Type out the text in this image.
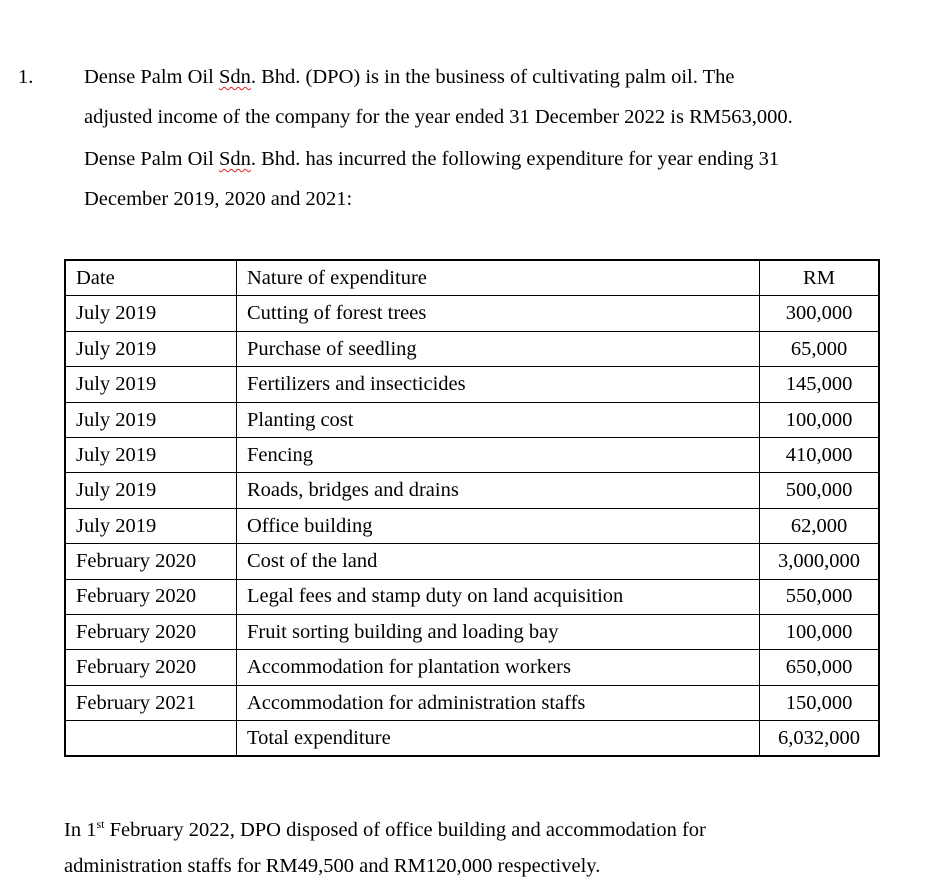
1. Dense Palm Oil Sdn. Bhd. (DPO) is in the business of cultivating palm oil. The
adjusted income of the company for the year ended 31 December 2022 is RM563,000.
Dense Palm Oil Sdn. Bhd. has incurred the following expenditure for year ending 31
December 2019, 2020 and 2021:
Date	Nature of expenditure	RM
July 2019	Cutting of forest trees	300,000
July 2019	Purchase of seedling	65,000
July 2019	Fertilizers and insecticides	145,000
July 2019	Planting cost	100,000
July 2019	Fencing	410,000
July 2019	Roads, bridges and drains	500,000
July 2019	Office building	62,000
February 2020	Cost of the land	3,000,000
February 2020	Legal fees and stamp duty on land acquisition	550,000
February 2020	Fruit sorting building and loading bay	100,000
February 2020	Accommodation for plantation workers	650,000
February 2021	Accommodation for administration staffs	150,000
	Total expenditure	6,032,000
In 1st February 2022, DPO disposed of office building and accommodation for
administration staffs for RM49,500 and RM120,000 respectively.
